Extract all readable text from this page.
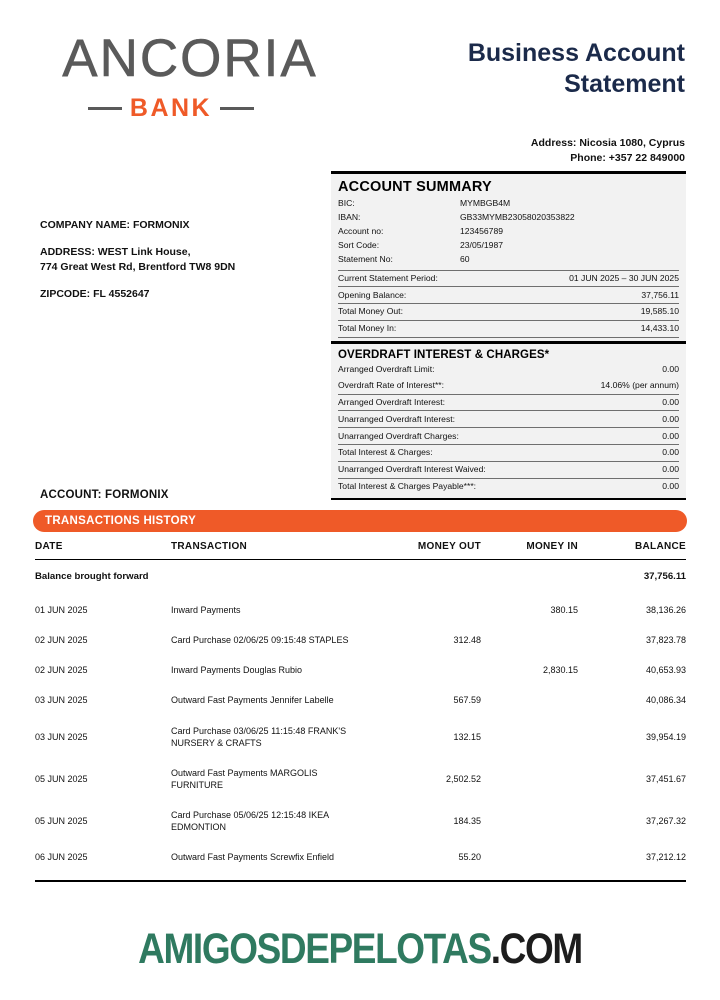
ANCORIA
BANK
Business Account Statement
Address: Nicosia 1080, Cyprus
Phone: +357 22 849000
COMPANY NAME: FORMONIX
ADDRESS: WEST Link House,
774 Great West Rd, Brentford TW8 9DN
ZIPCODE: FL 4552647
ACCOUNT SUMMARY
BIC:	MYMBGB4M
IBAN:	GB33MYMB23058020353822
Account no:	123456789
Sort Code:	23/05/1987
Statement No:	60
Current Statement Period:	01 JUN 2025 – 30 JUN 2025
Opening Balance:	37,756.11
Total Money Out:	19,585.10
Total Money In:	14,433.10
OVERDRAFT INTEREST & CHARGES*
Arranged Overdraft Limit:	0.00
Overdraft Rate of Interest**:	14.06% (per annum)
Arranged Overdraft Interest:	0.00
Unarranged Overdraft Interest:	0.00
Unarranged Overdraft Charges:	0.00
Total Interest & Charges:	0.00
Unarranged Overdraft Interest Waived:	0.00
Total Interest & Charges Payable***:	0.00
ACCOUNT: FORMONIX
TRANSACTIONS HISTORY
DATE	TRANSACTION	MONEY OUT	MONEY IN	BALANCE
Balance brought forward				37,756.11
01 JUN 2025	Inward Payments		380.15	38,136.26
02 JUN 2025	Card Purchase 02/06/25 09:15:48 STAPLES	312.48		37,823.78
02 JUN 2025	Inward Payments Douglas Rubio		2,830.15	40,653.93
03 JUN 2025	Outward Fast Payments Jennifer Labelle	567.59		40,086.34
03 JUN 2025	Card Purchase 03/06/25 11:15:48 FRANK'S NURSERY & CRAFTS	132.15		39,954.19
05 JUN 2025	Outward Fast Payments MARGOLIS FURNITURE	2,502.52		37,451.67
05 JUN 2025	Card Purchase 05/06/25 12:15:48 IKEA EDMONTION	184.35		37,267.32
06 JUN 2025	Outward Fast Payments Screwfix Enfield	55.20		37,212.12
AMIGOSDEPELOTAS.COM
